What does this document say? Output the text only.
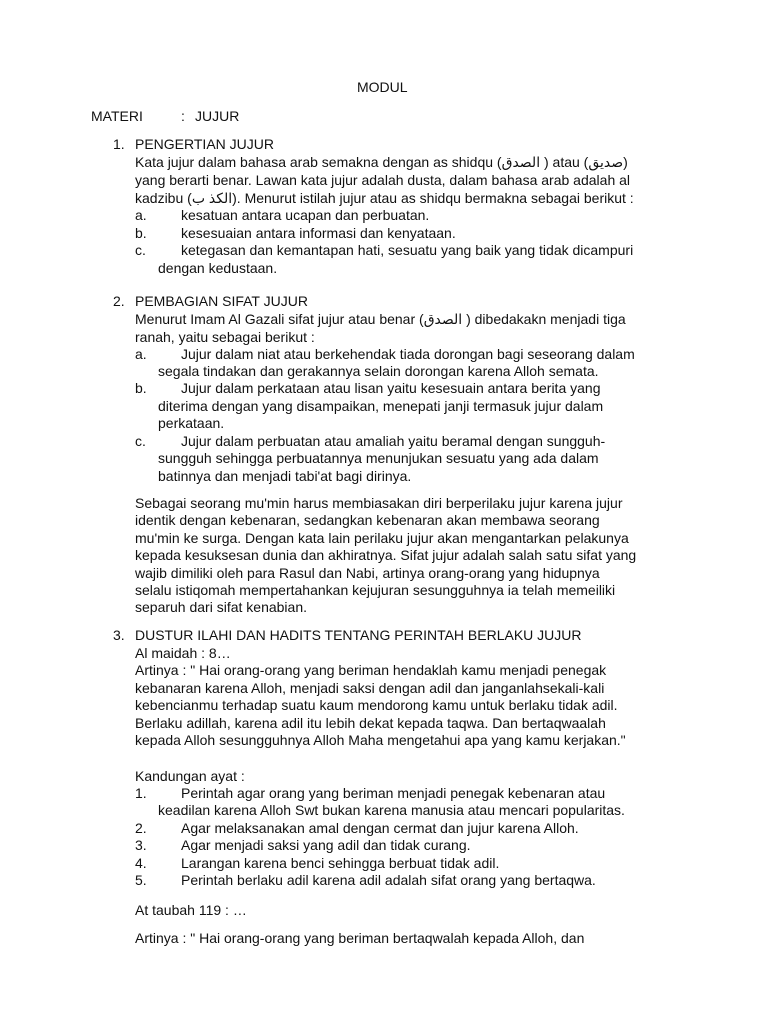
MODUL
MATERI	: JUJUR
1. PENGERTIAN JUJUR
Kata jujur dalam bahasa arab semakna dengan as shidqu (الصدق ) atau (صديق)
yang berarti benar. Lawan kata jujur adalah dusta, dalam bahasa arab adalah al
kadzibu (الكذ ب). Menurut istilah jujur atau as shidqu bermakna sebagai berikut :
a. kesatuan antara ucapan dan perbuatan.
b. kesesuaian antara informasi dan kenyataan.
c.	ketegasan dan kemantapan hati, sesuatu yang baik yang tidak dicampuri
dengan kedustaan.
2. PEMBAGIAN SIFAT JUJUR
Menurut Imam Al Gazali sifat jujur atau benar (الصدق ) dibedakakn menjadi tiga
ranah, yaitu sebagai berikut :
a. Jujur dalam niat atau berkehendak tiada dorongan bagi seseorang dalam
segala tindakan dan gerakannya selain dorongan karena Alloh semata.
b. Jujur dalam perkataan atau lisan yaitu kesesuain antara berita yang
diterima dengan yang disampaikan, menepati janji termasuk jujur dalam
perkataan.
c.	Jujur dalam perbuatan atau amaliah yaitu beramal dengan sungguh-
sungguh sehingga perbuatannya menunjukan sesuatu yang ada dalam
batinnya dan menjadi tabi'at bagi dirinya.
Sebagai seorang mu'min harus membiasakan diri berperilaku jujur karena jujur
identik dengan kebenaran, sedangkan kebenaran akan membawa seorang
mu'min ke surga. Dengan kata lain perilaku jujur akan mengantarkan pelakunya
kepada kesuksesan dunia dan akhiratnya. Sifat jujur adalah salah satu sifat yang
wajib dimiliki oleh para Rasul dan Nabi, artinya orang-orang yang hidupnya
selalu istiqomah mempertahankan kejujuran sesungguhnya ia telah memeiliki
separuh dari sifat kenabian.
3. DUSTUR ILAHI DAN HADITS TENTANG PERINTAH BERLAKU JUJUR
Al maidah : 8…
Artinya : " Hai orang-orang yang beriman hendaklah kamu menjadi penegak
kebanaran karena Alloh, menjadi saksi dengan adil dan janganlahsekali-kali
kebencianmu terhadap suatu kaum mendorong kamu untuk berlaku tidak adil.
Berlaku adillah, karena adil itu lebih dekat kepada taqwa. Dan bertaqwaalah
kepada Alloh sesungguhnya Alloh Maha mengetahui apa yang kamu kerjakan."
Kandungan ayat :
1. Perintah agar orang yang beriman menjadi penegak kebenaran atau
keadilan karena Alloh Swt bukan karena manusia atau mencari popularitas.
2. Agar melaksanakan amal dengan cermat dan jujur karena Alloh.
3. Agar menjadi saksi yang adil dan tidak curang.
4. Larangan karena benci sehingga berbuat tidak adil.
5. Perintah berlaku adil karena adil adalah sifat orang yang bertaqwa.
At taubah 119 : …
Artinya : " Hai orang-orang yang beriman bertaqwalah kepada Alloh, dan
